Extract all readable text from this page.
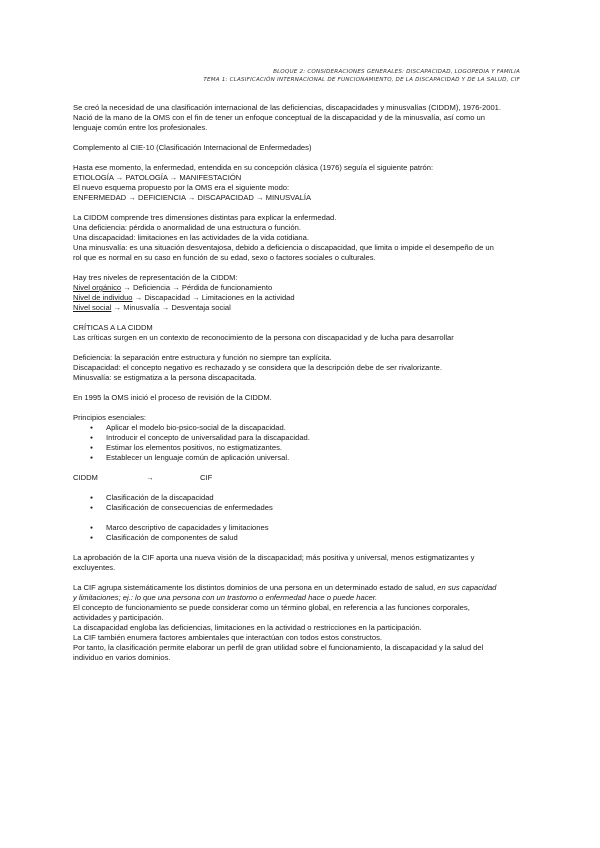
BLOQUE 2: CONSIDERACIONES GENERALES: DISCAPACIDAD, LOGOPEDIA Y FAMILIA

TEMA 1: CLASIFICACIÓN INTERNACIONAL DE FUNCIONAMIENTO, DE LA DISCAPACIDAD Y DE LA SALUD, CIF

Se creó la necesidad de una clasificación internacional de las deficiencias, discapacidades y minusvalías (CIDDM), 1976-2001.

Nació de la mano de la OMS con el fin de tener un enfoque conceptual de la discapacidad y de la minusvalía, así como un

lenguaje común entre los profesionales.

Complemento al CIE-10 (Clasificación Internacional de Enfermedades)

Hasta ese momento, la enfermedad, entendida en su concepción clásica (1976) seguía el siguiente patrón:

ETIOLOGÍA → PATOLOGÍA → MANIFESTACIÓN

El nuevo esquema propuesto por la OMS era el siguiente modo:

ENFERMEDAD → DEFICIENCIA → DISCAPACIDAD → MINUSVALÍA

La CIDDM comprende tres dimensiones distintas para explicar la enfermedad.

Una deficiencia: pérdida o anormalidad de una estructura o función.

Una discapacidad: limitaciones en las actividades de la vida cotidiana.

Una minusvalía: es una situación desventajosa, debido a deficiencia o discapacidad, que limita o impide el desempeño de un

rol que es normal en su caso en función de su edad, sexo o factores sociales o culturales.

Hay tres niveles de representación de la CIDDM:

Nivel orgánico → Deficiencia → Pérdida de funcionamiento

Nivel de individuo → Discapacidad → Limitaciones en la actividad

Nivel social → Minusvalía → Desventaja social

CRÍTICAS A LA CIDDM

Las críticas surgen en un contexto de reconocimiento de la persona con discapacidad y de lucha para desarrollar

Deficiencia: la separación entre estructura y función no siempre tan explícita.

Discapacidad: el concepto negativo es rechazado y se considera que la descripción debe de ser rivalorizante.

Minusvalía: se estigmatiza a la persona discapacitada.

En 1995 la OMS inició el proceso de revisión de la CIDDM.

Principios esenciales:

● Aplicar el modelo bio-psico-social de la discapacidad.
● Introducir el concepto de universalidad para la discapacidad.
● Estimar los elementos positivos, no estigmatizantes.
● Establecer un lenguaje común de aplicación universal.
CIDDM	→	CIF
● Clasificación de la discapacidad
● Clasificación de consecuencias de enfermedades
● Marco descriptivo de capacidades y limitaciones
● Clasificación de componentes de salud

La aprobación de la CIF aporta una nueva visión de la discapacidad; más positiva y universal, menos estigmatizantes y

excluyentes.

La CIF agrupa sistemáticamente los distintos dominios de una persona en un determinado estado de salud, en sus capacidad

y limitaciones; ej.: lo que una persona con un trastorno o enfermedad hace o puede hacer.

El concepto de funcionamiento se puede considerar como un término global, en referencia a las funciones corporales,

actividades y participación.

La discapacidad engloba las deficiencias, limitaciones en la actividad o restricciones en la participación.

La CIF también enumera factores ambientales que interactúan con todos estos constructos.

Por tanto, la clasificación permite elaborar un perfil de gran utilidad sobre el funcionamiento, la discapacidad y la salud del

individuo en varios dominios.
